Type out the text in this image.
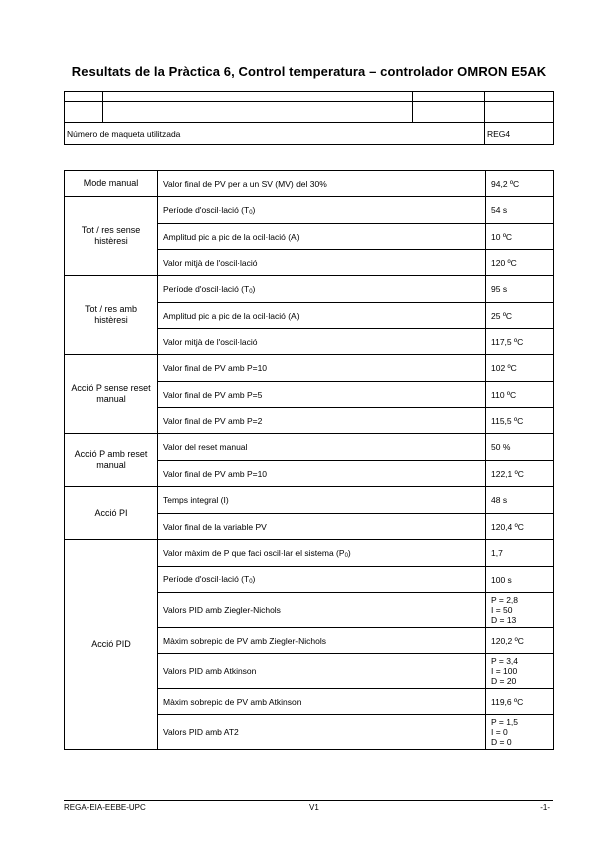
Resultats de la Pràctica 6, Control temperatura – controlador OMRON E5AK

Número de maqueta utilitzada			REG4
Mode manual	Valor final de PV per a un SV (MV) del 30%	94,2 ºC
Tot / res sense histèresi	Període d'oscil·lació $(T_0)$	54 s
	Amplitud pic a pic de la ocil·lació (A)	10 ºC
	Valor mitjà de l'oscil·lació	120 ºC
Tot / res amb histèresi	Període d'oscil·lació $(T_0)$	95 s
	Amplitud pic a pic de la ocil·lació (A)	25 ºC
	Valor mitjà de l'oscil·lació	117,5 ºC
Acció P sense reset manual	Valor final de PV amb P=10	102 ºC
	Valor final de PV amb P=5	110 ºC
	Valor final de PV amb P=2	115,5 ºC
Acció P amb reset manual	Valor del reset manual	50 %
	Valor final de PV amb P=10	122,1 ºC
Acció PI	Temps integral (I)	48 s
	Valor final de la variable PV	120,4 ºC
Acció PID	Valor màxim de P que faci oscil·lar el sistema $(P_0)$	1,7
	Període d'oscil·lació $(T_0)$	100 s
	Valors PID amb Ziegler-Nichols	P = 2,8
I = 50
D = 13
	Màxim sobrepic de PV amb Ziegler-Nichols	120,2 ºC
	Valors PID amb Atkinson	P = 3,4
I = 100
D = 20
	Màxim sobrepic de PV amb Atkinson	119,6 ºC
	Valors PID amb AT2	P = 1,5
I = 0
D = 0
REGA-EIA-EEBE-UPC	V1	-1-
